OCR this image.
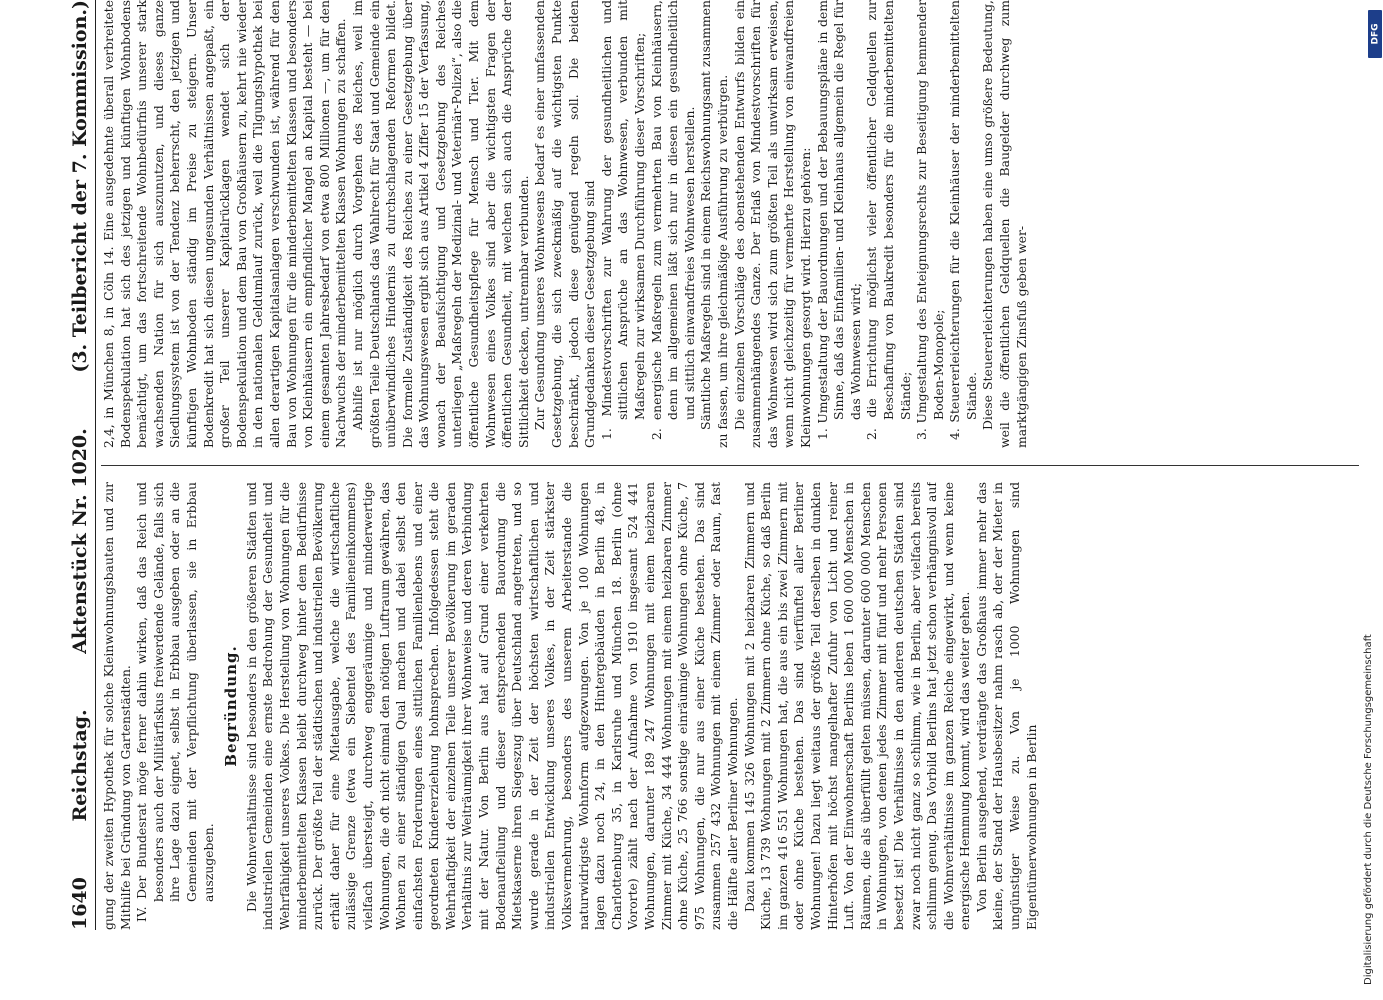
1640
Reichstag.
Aktenstück Nr. 1020.
(3. Teilbericht der 7. Kommission.)

gung der zweiten Hypothek für solche Kleinwohnungsbauten und zur Mithilfe bei Gründung von Gartenstädten. IV. Der Bundesrat möge ferner dahin wirken, daß das Reich und besonders auch der Militärfiskus freiwerdende Gelände, falls sich ihre Lage dazu eignet, selbst in Erbbau ausgeben oder an die Gemeinden mit der Verpflichtung überlassen, sie in Erbbau auszugeben.

Begründung. Die Wohnverhältnisse sind besonders in den größeren Städten und industriellen Gemeinden eine ernste Bedrohung der Gesundheit und Wehrfähigkeit unseres Volkes. Die Herstellung von Wohnungen für die minderbemittelten Klassen bleibt durchweg hinter dem Bedürfnisse zurück. Der größte Teil der städtischen und industriellen Bevölkerung erhält daher für eine Mietausgabe, welche die wirtschaftliche zulässige Grenze (etwa ein Siebentel des Familieneinkommens) vielfach übersteigt, durchweg enggeräumige und minderwertige Wohnungen, die oft nicht einmal den nötigen Luftraum gewähren, das Wohnen zu einer ständigen Qual machen und dabei selbst den einfachsten Forderungen eines sittlichen Familienlebens und einer geordneten Kindererziehung hohnsprechen. Infolgedessen steht die Wehrhaftigkeit der einzelnen Teile unserer Bevölkerung im geraden Verhältnis zur Weiträumigkeit ihrer Wohnweise und deren Verbindung mit der Natur. Von Berlin aus hat auf Grund einer verkehrten Bodenaufteilung und dieser entsprechenden Bauordnung die Mietskaserne ihren Siegeszug über Deutschland angetreten, und so wurde gerade in der Zeit der höchsten wirtschaftlichen und industriellen Entwicklung unseres Volkes, in der Zeit stärkster Volksvermehrung, besonders des unserem Arbeiterstande die naturwidrigste Wohnform aufgezwungen. Von je 100 Wohnungen lagen dazu noch 24, in den Hintergebäuden in Berlin 48, in Charlottenburg 35, in Karlsruhe und München 18. Berlin (ohne Vororte) zählt nach der Aufnahme von 1910 insgesamt 524 441 Wohnungen, darunter 189 247 Wohnungen mit einem heizbaren Zimmer mit Küche, 34 444 Wohnungen mit einem heizbaren Zimmer ohne Küche, 25 766 sonstige einräumige Wohnungen ohne Küche, 7 975 Wohnungen, die nur aus einer Küche bestehen. Das sind zusammen 257 432 Wohnungen mit einem Zimmer oder Raum, fast die Hälfte aller Berliner Wohnungen. Dazu kommen 145 326 Wohnungen mit 2 heizbaren Zimmern und Küche, 13 739 Wohnungen mit 2 Zimmern ohne Küche, so daß Berlin im ganzen 416 551 Wohnungen hat, die aus ein bis zwei Zimmern mit oder ohne Küche bestehen. Das sind vierfünftel aller Berliner Wohnungen! Dazu liegt weitaus der größte Teil derselben in dunklen Hinterhöfen mit höchst mangelhafter Zufuhr von Licht und reiner Luft. Von der Einwohnerschaft Berlins leben 1 600 000 Menschen in Räumen, die als überfüllt gelten müssen, darunter 600 000 Menschen in Wohnungen, von denen jedes Zimmer mit fünf und mehr Personen besetzt ist! Die Verhältnisse in den anderen deutschen Städten sind zwar noch nicht ganz so schlimm, wie in Berlin, aber vielfach bereits schlimm genug. Das Vorbild Berlins hat jetzt schon verhängnisvoll auf die Wohnverhältnisse im ganzen Reiche eingewirkt, und wenn keine energische Hemmung kommt, wird das weiter gehen. Von Berlin ausgehend, verdrängte das Großhaus immer mehr das kleine, der Stand der Hausbesitzer nahm rasch ab, der der Mieter in ungünstiger Weise zu. Von je 1000 Wohnungen sind Eigentümerwohnungen in Berlin

2,4, in München 8, in Cöln 14. Eine ausgedehnte überall verbreitete Bodenspekulation hat sich des jetzigen und künftigen Wohnbodens bemächtigt, um das fortschreitende Wohnbedürfnis unserer stark wachsenden Nation für sich auszunutzen, und dieses ganze Siedlungssystem ist von der Tendenz beherrscht, den jetzigen und künftigen Wohnboden ständig im Preise zu steigern. Unser Bodenkredit hat sich diesen ungesunden Verhältnissen angepaßt, ein großer Teil unserer Kapitalrücklagen wendet sich der Bodenspekulation und dem Bau von Großhäusern zu, kehrt nie wieder in den nationalen Geldumlauf zurück, weil die Tilgungshypothek bei allen derartigen Kapitalsanlagen verschwunden ist, während für den Bau von Wohnungen für die minderbemittelten Klassen und besonders von Kleinhäusern ein empfindlicher Mangel an Kapital besteht — bei einem gesamten Jahresbedarf von etwa 800 Millionen —, um für den Nachwuchs der minderbemittelten Klassen Wohnungen zu schaffen. Abhilfe ist nur möglich durch Vorgehen des Reiches, weil im größten Teile Deutschlands das Wahlrecht für Staat und Gemeinde ein unüberwindliches Hindernis zu durchschlagenden Reformen bildet. Die formelle Zuständigkeit des Reiches zu einer Gesetzgebung über das Wohnungswesen ergibt sich aus Artikel 4 Ziffer 15 der Verfassung, wonach der Beaufsichtigung und Gesetzgebung des Reiches unterliegen „Maßregeln der Medizinal- und Veterinär-Polizei“, also die öffentliche Gesundheitspflege für Mensch und Tier. Mit dem Wohnwesen eines Volkes sind aber die wichtigsten Fragen der öffentlichen Gesundheit, mit welchen sich auch die Ansprüche der Sittlichkeit decken, untrennbar verbunden. Zur Gesundung unseres Wohnwesens bedarf es einer umfassenden Gesetzgebung, die sich zweckmäßig auf die wichtigsten Punkte beschränkt, jedoch diese genügend regeln soll. Die beiden Grundgedanken dieser Gesetzgebung sind 1. Mindestvorschriften zur Wahrung der gesundheitlichen und sittlichen Ansprüche an das Wohnwesen, verbunden mit Maßregeln zur wirksamen Durchführung dieser Vorschriften; 2. energische Maßregeln zum vermehrten Bau von Kleinhäusern, denn im allgemeinen läßt sich nur in diesen ein gesundheitlich und sittlich einwandfreies Wohnwesen herstellen. Sämtliche Maßregeln sind in einem Reichswohnungsamt zusammen zu fassen, um ihre gleichmäßige Ausführung zu verbürgen. Die einzelnen Vorschläge des obenstehenden Entwurfs bilden ein zusammenhängendes Ganze. Der Erlaß von Mindestvorschriften für das Wohnwesen wird sich zum größten Teil als unwirksam erweisen, wenn nicht gleichzeitig für vermehrte Herstellung von einwandfreien Kleinwohnungen gesorgt wird. Hierzu gehören: 1. Umgestaltung der Bauordnungen und der Bebauungspläne in dem Sinne, daß das Einfamilien- und Kleinhaus allgemein die Regel für das Wohnwesen wird; 2. die Errichtung möglichst vieler öffentlicher Geldquellen zur Beschaffung von Baukredit besonders für die minderbemittelten Stände; 3. Umgestaltung des Enteignungsrechts zur Beseitigung hemmender Boden-Monopole; 4. Steuererleichterungen für die Kleinhäuser der minderbemittelten Stände. Diese Steuererleichterungen haben eine umso größere Bedeutung, weil die öffentlichen Geldquellen die Baugelder durchweg zum marktgängigen Zinsfuß geben wer-

Digitalisierung gefördert durch die Deutsche Forschungsgemeinschaft
DFG
